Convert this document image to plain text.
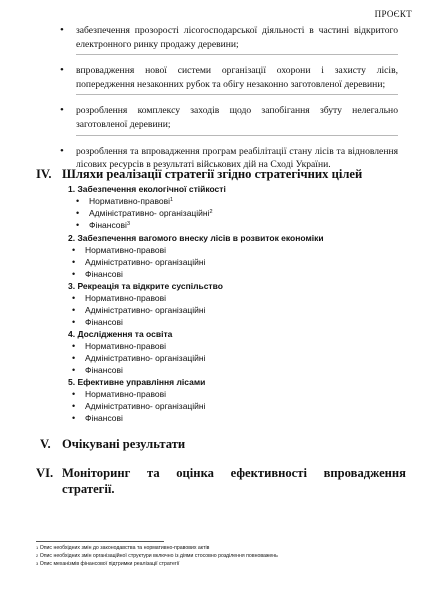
ПРОЄКТ
• забезпечення прозорості лісогосподарської діяльності в частині відкритого електронного ринку продажу деревини;
• впровадження нової системи організації охорони і захисту лісів, попередження незаконних рубок та обігу незаконно заготовленої деревини;
• розроблення комплексу заходів щодо запобігання збуту нелегально заготовленої деревини;
• розроблення та впровадження програм реабілітації стану лісів та відновлення лісових ресурсів в результаті військових дій на Сході України.
IV. Шляхи реалізації стратегії згідно стратегічних цілей
1. Забезпечення екологічної стійкості
• Нормативно-правові$^1$
• Адміністративно- організаційні$^2$
• Фінансові$^3$
2. Забезпечення вагомого внеску лісів в розвиток економіки
• Нормативно-правові
• Адміністративно- організаційні
• Фінансові
3. Рекреація та відкрите суспільство
• Нормативно-правові
• Адміністративно- організаційні
• Фінансові
4. Дослідження та освіта
• Нормативно-правові
• Адміністративно- організаційні
• Фінансові
5. Ефективне управління лісами
• Нормативно-правові
• Адміністративно- організаційні
• Фінансові
V. Очікувані результати
VI. Моніторинг та оцінка ефективності впровадження
стратегії.
$^1$ Опис необхідних змін до законодавства та нормативно-правових актів
$^2$ Опис необхідних змін організаційної структури включно із діями стосовно розділення повноважень
$^3$ Опис механізмів фінансової підтримки реалізації стратегії
